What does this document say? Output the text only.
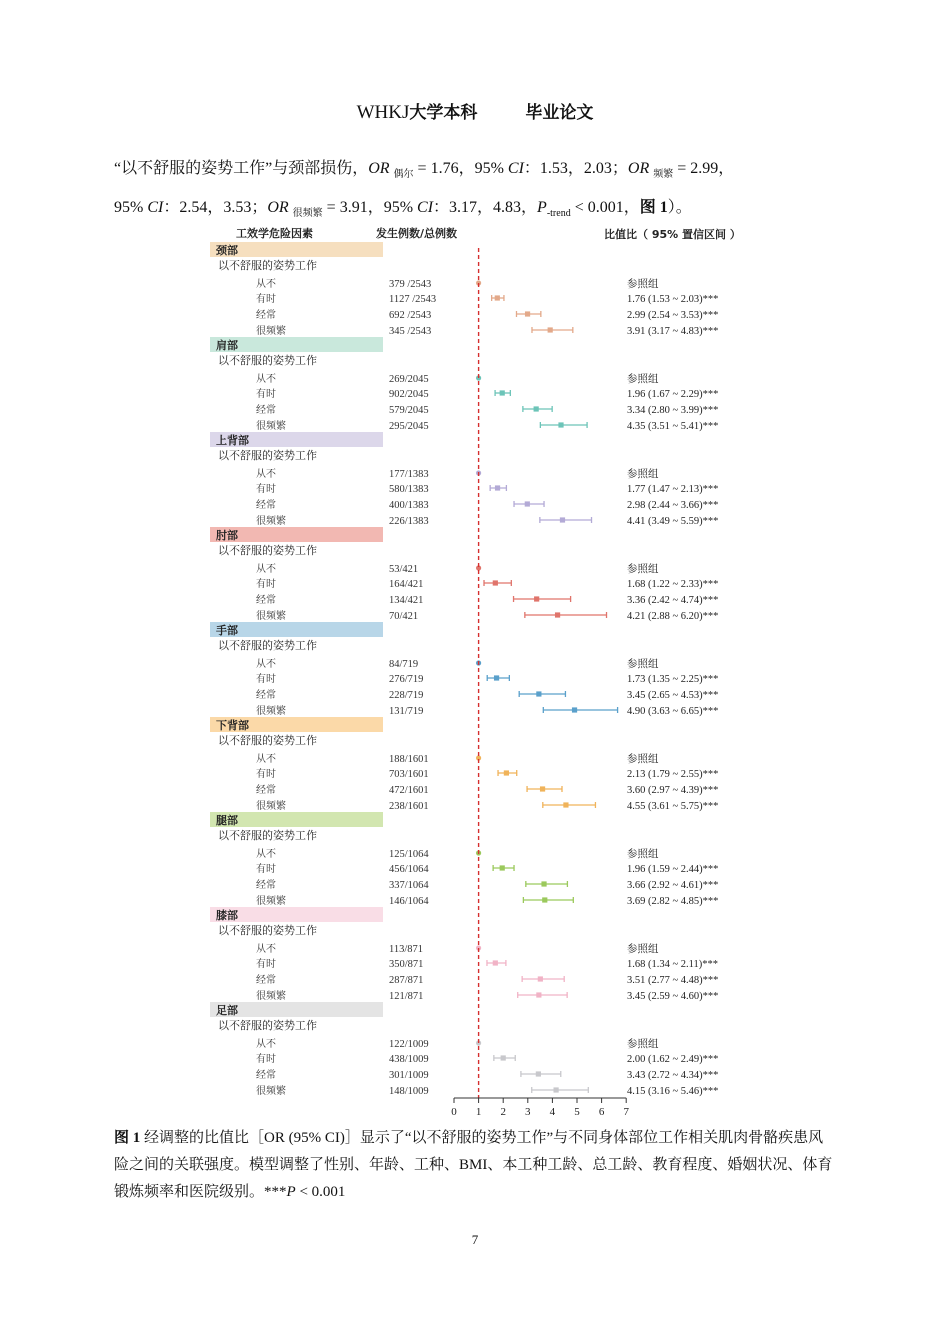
WHKJ大学本科	毕业论文
“以不舒服的姿势工作”与颈部损伤，OR $_{偶尔}$ = 1.76，95% CI：1.53，2.03；OR $_{频繁}$ = 2.99，
95% CI：2.54，3.53；OR $_{很频繁}$ = 3.91，95% CI：3.17，4.83，$P_{-trend} < 0.001$，图 1）。
工效学危险因素	发生例数/总例数	比值比（ 95% 置信区间 ）
颈部
以不舒服的姿势工作
从不	379 /2543	参照组
有时	1127 /2543	1.76 (1.53 ~ 2.03)***
经常	692 /2543	2.99 (2.54 ~ 3.53)***
很频繁	345 /2543	3.91 (3.17 ~ 4.83)***
肩部
以不舒服的姿势工作
从不	269/2045	参照组
有时	902/2045	1.96 (1.67 ~ 2.29)***
经常	579/2045	3.34 (2.80 ~ 3.99)***
很频繁	295/2045	4.35 (3.51 ~ 5.41)***
上背部
以不舒服的姿势工作
从不	177/1383	参照组
有时	580/1383	1.77 (1.47 ~ 2.13)***
经常	400/1383	2.98 (2.44 ~ 3.66)***
很频繁	226/1383	4.41 (3.49 ~ 5.59)***
肘部
以不舒服的姿势工作
从不	53/421	参照组
有时	164/421	1.68 (1.22 ~ 2.33)***
经常	134/421	3.36 (2.42 ~ 4.74)***
很频繁	70/421	4.21 (2.88 ~ 6.20)***
手部
以不舒服的姿势工作
从不	84/719	参照组
有时	276/719	1.73 (1.35 ~ 2.25)***
经常	228/719	3.45 (2.65 ~ 4.53)***
很频繁	131/719	4.90 (3.63 ~ 6.65)***
下背部
以不舒服的姿势工作
从不	188/1601	参照组
有时	703/1601	2.13 (1.79 ~ 2.55)***
经常	472/1601	3.60 (2.97 ~ 4.39)***
很频繁	238/1601	4.55 (3.61 ~ 5.75)***
腿部
以不舒服的姿势工作
从不	125/1064	参照组
有时	456/1064	1.96 (1.59 ~ 2.44)***
经常	337/1064	3.66 (2.92 ~ 4.61)***
很频繁	146/1064	3.69 (2.82 ~ 4.85)***
膝部
以不舒服的姿势工作
从不	113/871	参照组
有时	350/871	1.68 (1.34 ~ 2.11)***
经常	287/871	3.51 (2.77 ~ 4.48)***
很频繁	121/871	3.45 (2.59 ~ 4.60)***
足部
以不舒服的姿势工作
从不	122/1009	参照组
有时	438/1009	2.00 (1.62 ~ 2.49)***
经常	301/1009	3.43 (2.72 ~ 4.34)***
很频繁	148/1009	4.15 (3.16 ~ 5.46)***
0 1 2 3 4 5 6 7
图 1 经调整的比值比［OR (95% CI)］显示了“以不舒服的姿势工作”与不同身体部位工作相关肌肉骨骼疾患风险之间的关联强度。模型调整了性别、年龄、工种、BMI、本工种工龄、总工龄、教育程度、婚姻状况、体育锻炼频率和医院级别。***P < 0.001
7
